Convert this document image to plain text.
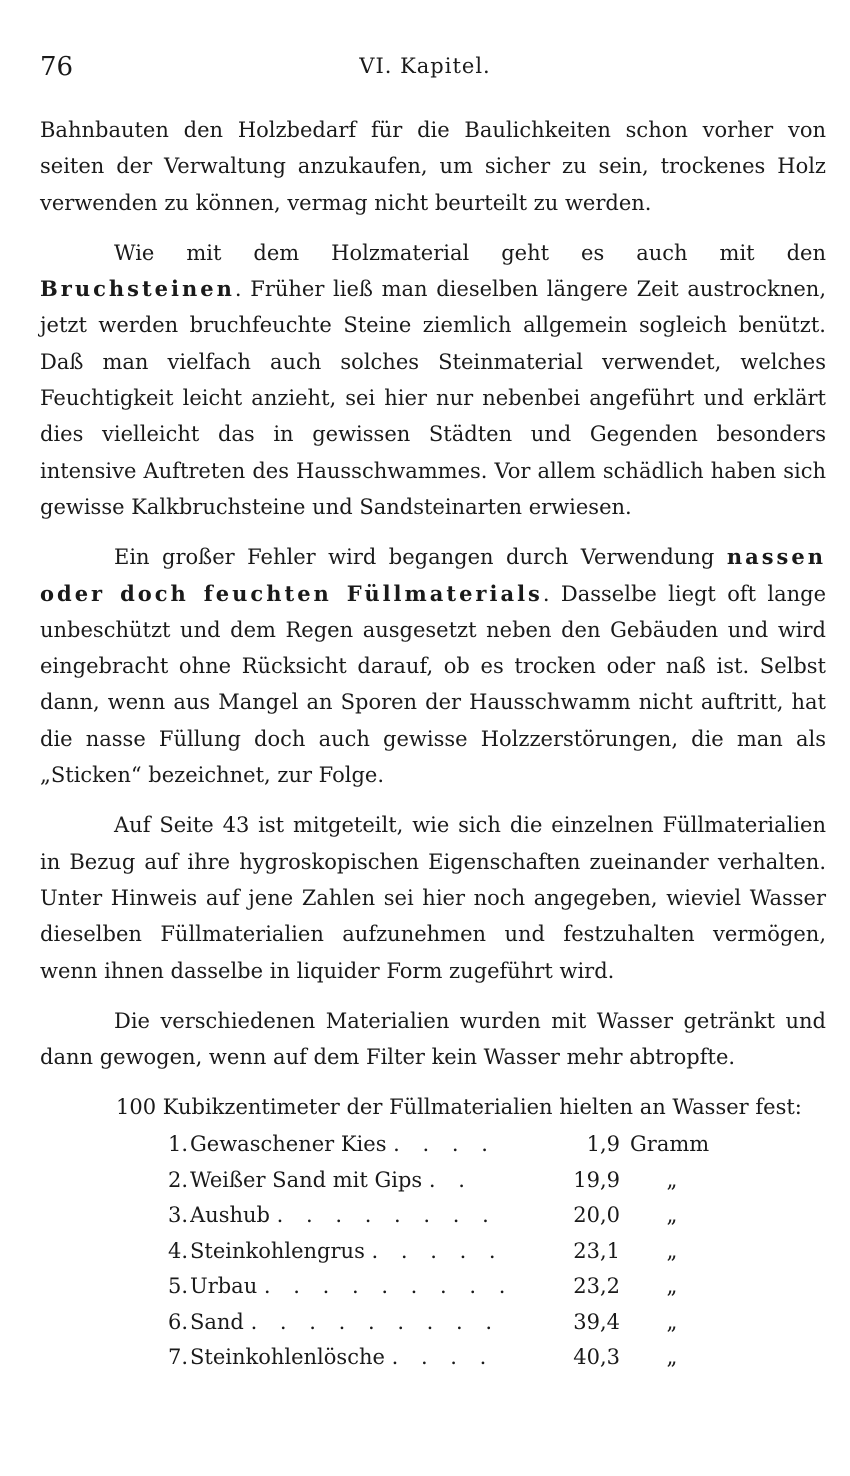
76	VI. Kapitel.

Bahnbauten den Holzbedarf für die Baulichkeiten schon vorher von seiten der Verwaltung anzukaufen, um sicher zu sein, trockenes Holz verwenden zu können, vermag nicht beurteilt zu werden.

Wie mit dem Holzmaterial geht es auch mit den Bruchsteinen. Früher ließ man dieselben längere Zeit austrocknen, jetzt werden bruchfeuchte Steine ziemlich allgemein sogleich benützt. Daß man vielfach auch solches Steinmaterial verwendet, welches Feuchtigkeit leicht anzieht, sei hier nur nebenbei angeführt und erklärt dies vielleicht das in gewissen Städten und Gegenden besonders intensive Auftreten des Hausschwammes. Vor allem schädlich haben sich gewisse Kalkbruchsteine und Sandsteinarten erwiesen.

Ein großer Fehler wird begangen durch Verwendung nassen oder doch feuchten Füllmaterials. Dasselbe liegt oft lange unbeschützt und dem Regen ausgesetzt neben den Gebäuden und wird eingebracht ohne Rücksicht darauf, ob es trocken oder naß ist. Selbst dann, wenn aus Mangel an Sporen der Hausschwamm nicht auftritt, hat die nasse Füllung doch auch gewisse Holzzerstörungen, die man als „Sticken“ bezeichnet, zur Folge.

Auf Seite 43 ist mitgeteilt, wie sich die einzelnen Füllmaterialien in Bezug auf ihre hygroskopischen Eigenschaften zueinander verhalten. Unter Hinweis auf jene Zahlen sei hier noch angegeben, wieviel Wasser dieselben Füllmaterialien aufzunehmen und festzuhalten vermögen, wenn ihnen dasselbe in liquider Form zugeführt wird.

Die verschiedenen Materialien wurden mit Wasser getränkt und dann gewogen, wenn auf dem Filter kein Wasser mehr abtropfte.

100 Kubikzentimeter der Füllmaterialien hielten an Wasser fest:
1. Gewaschener Kies . . . .	1,9 Gramm
2. Weißer Sand mit Gips . .	19,9 „
3. Aushub . . . . . . . .	20,0 „
4. Steinkohlengrus . . . . .	23,1 „
5. Urbau . . . . . . . . .	23,2 „
6. Sand . . . . . . . . .	39,4 „
7. Steinkohlenlösche . . . .	40,3 „
